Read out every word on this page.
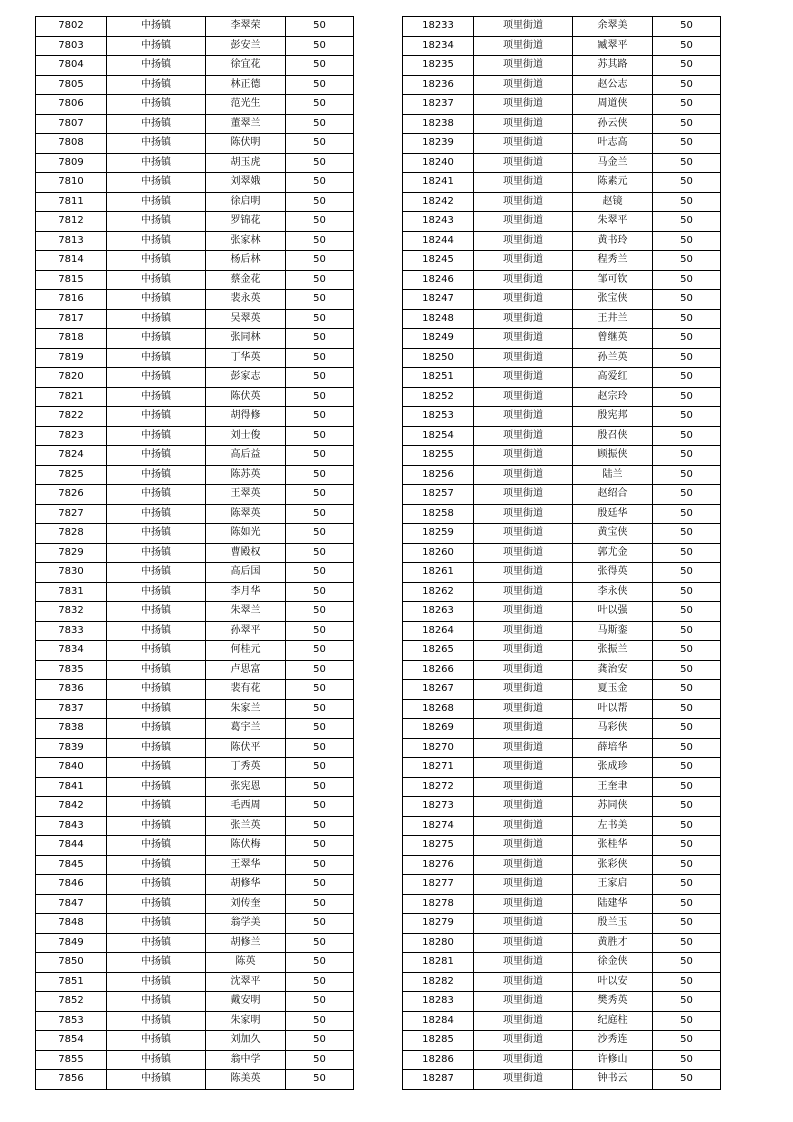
7802	中扬镇	李翠荣	50
7803	中扬镇	彭安兰	50
7804	中扬镇	徐宜花	50
7805	中扬镇	林正德	50
7806	中扬镇	范光生	50
7807	中扬镇	董翠兰	50
7808	中扬镇	陈伏明	50
7809	中扬镇	胡玉虎	50
7810	中扬镇	刘翠娥	50
7811	中扬镇	徐启明	50
7812	中扬镇	罗锦花	50
7813	中扬镇	张家林	50
7814	中扬镇	杨后林	50
7815	中扬镇	蔡金花	50
7816	中扬镇	裴永英	50
7817	中扬镇	吴翠英	50
7818	中扬镇	张同林	50
7819	中扬镇	丁华英	50
7820	中扬镇	彭家志	50
7821	中扬镇	陈伏英	50
7822	中扬镇	胡得修	50
7823	中扬镇	刘士俊	50
7824	中扬镇	高后益	50
7825	中扬镇	陈苏英	50
7826	中扬镇	王翠英	50
7827	中扬镇	陈翠英	50
7828	中扬镇	陈如光	50
7829	中扬镇	曹殿权	50
7830	中扬镇	高后国	50
7831	中扬镇	李月华	50
7832	中扬镇	朱翠兰	50
7833	中扬镇	孙翠平	50
7834	中扬镇	何桂元	50
7835	中扬镇	卢思富	50
7836	中扬镇	裴有花	50
7837	中扬镇	朱家兰	50
7838	中扬镇	葛宇兰	50
7839	中扬镇	陈伏平	50
7840	中扬镇	丁秀英	50
7841	中扬镇	张宪恩	50
7842	中扬镇	毛西周	50
7843	中扬镇	张兰英	50
7844	中扬镇	陈伏梅	50
7845	中扬镇	王翠华	50
7846	中扬镇	胡修华	50
7847	中扬镇	刘传奎	50
7848	中扬镇	翁学美	50
7849	中扬镇	胡修兰	50
7850	中扬镇	陈英	50
7851	中扬镇	沈翠平	50
7852	中扬镇	戴安明	50
7853	中扬镇	朱家明	50
7854	中扬镇	刘加久	50
7855	中扬镇	翁中学	50
7856	中扬镇	陈美英	50
18233	项里街道	余翠美	50
18234	项里街道	臧翠平	50
18235	项里街道	苏其路	50
18236	项里街道	赵公志	50
18237	项里街道	周道侠	50
18238	项里街道	孙云侠	50
18239	项里街道	叶志高	50
18240	项里街道	马金兰	50
18241	项里街道	陈素元	50
18242	项里街道	赵镜	50
18243	项里街道	朱翠平	50
18244	项里街道	黄书玲	50
18245	项里街道	程秀兰	50
18246	项里街道	邹可钦	50
18247	项里街道	张宝侠	50
18248	项里街道	王井兰	50
18249	项里街道	曾继英	50
18250	项里街道	孙兰英	50
18251	项里街道	高爱红	50
18252	项里街道	赵宗玲	50
18253	项里街道	殷宪邦	50
18254	项里街道	殷召侠	50
18255	项里街道	顾振侠	50
18256	项里街道	陆兰	50
18257	项里街道	赵绍合	50
18258	项里街道	殷廷华	50
18259	项里街道	黄宝侠	50
18260	项里街道	郭尤金	50
18261	项里街道	张得英	50
18262	项里街道	李永侠	50
18263	项里街道	叶以强	50
18264	项里街道	马斯銮	50
18265	项里街道	张振兰	50
18266	项里街道	龚治安	50
18267	项里街道	夏玉金	50
18268	项里街道	叶以帮	50
18269	项里街道	马彩侠	50
18270	项里街道	薛培华	50
18271	项里街道	张成珍	50
18272	项里街道	王奎聿	50
18273	项里街道	苏同侠	50
18274	项里街道	左书美	50
18275	项里街道	张桂华	50
18276	项里街道	张彩侠	50
18277	项里街道	王家启	50
18278	项里街道	陆建华	50
18279	项里街道	殷兰玉	50
18280	项里街道	黄胜才	50
18281	项里街道	徐金侠	50
18282	项里街道	叶以安	50
18283	项里街道	樊秀英	50
18284	项里街道	纪庭柱	50
18285	项里街道	沙秀连	50
18286	项里街道	许修山	50
18287	项里街道	钟书云	50
